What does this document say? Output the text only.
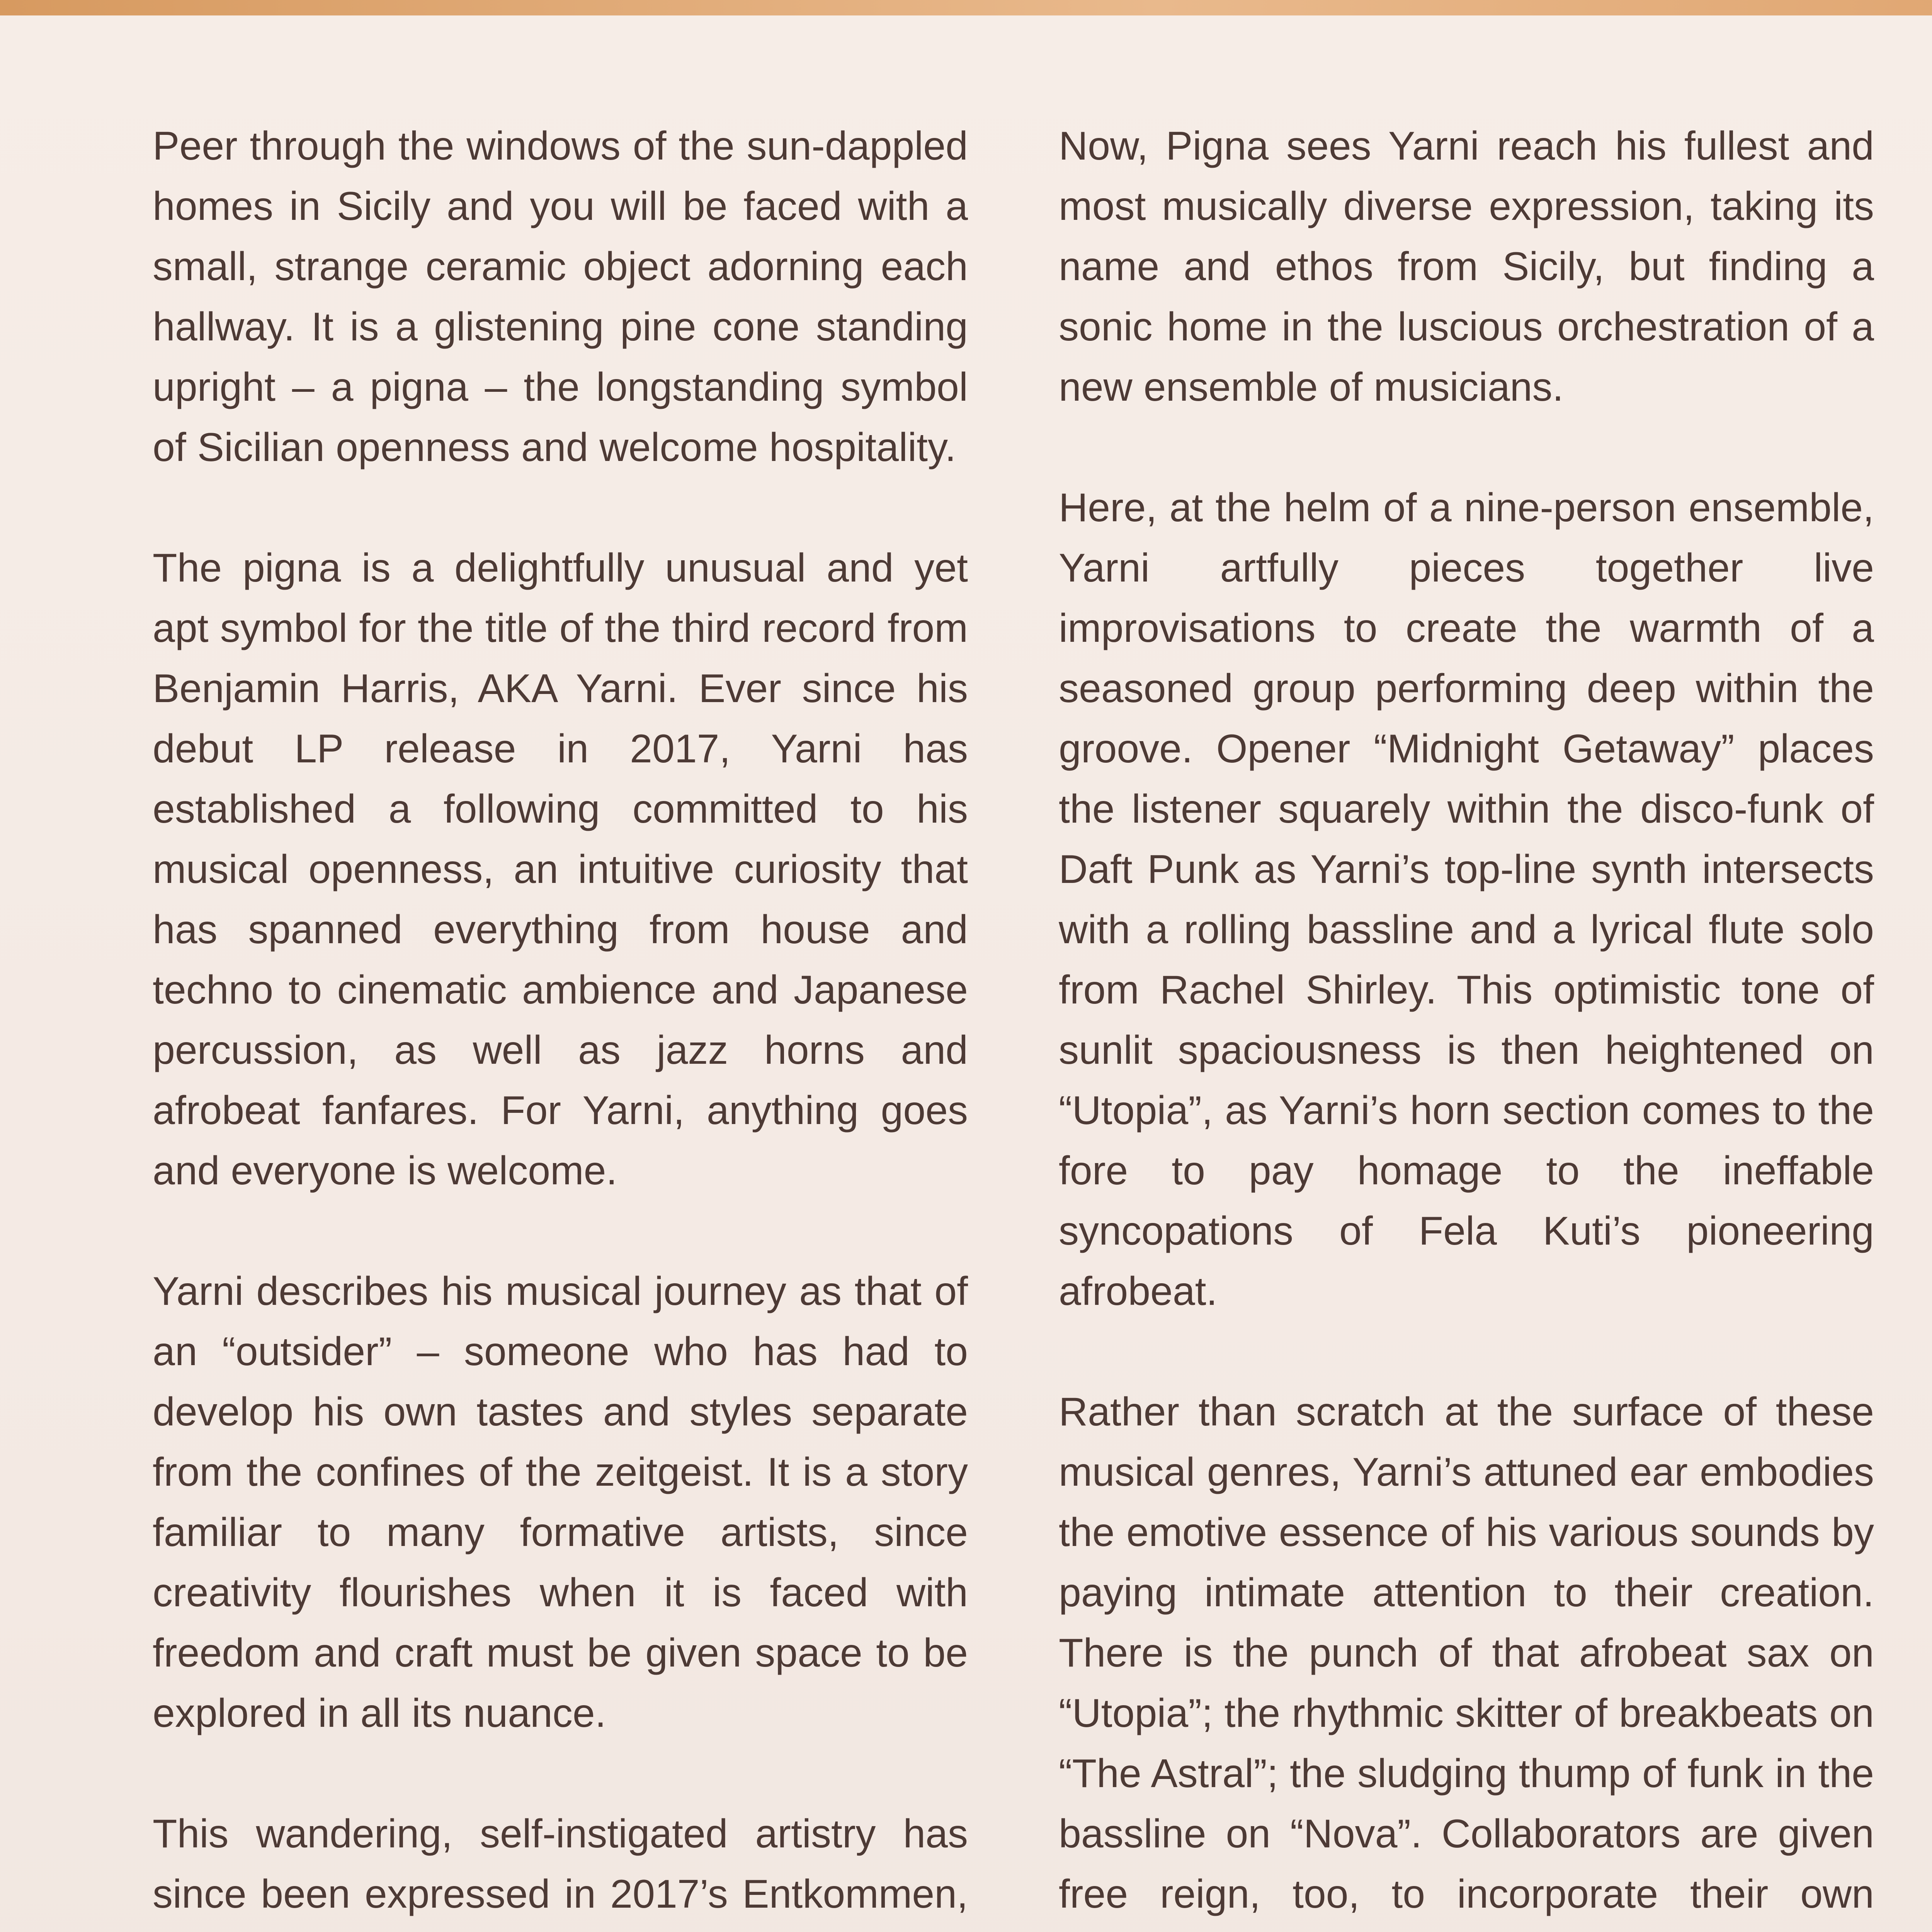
Peer through the windows of the sun-dappled homes in Sicily and you will be faced with a small, strange ceramic object adorning each hallway. It is a glistening pine cone standing upright – a pigna – the longstanding symbol of Sicilian openness and welcome hospitality.

The pigna is a delightfully unusual and yet apt symbol for the title of the third record from Benjamin Harris, AKA Yarni. Ever since his debut LP release in 2017, Yarni has established a following committed to his musical openness, an intuitive curiosity that has spanned everything from house and techno to cinematic ambience and Japanese percussion, as well as jazz horns and afrobeat fanfares. For Yarni, anything goes and everyone is welcome.

Yarni describes his musical journey as that of an “outsider” – someone who has had to develop his own tastes and styles separate from the confines of the zeitgeist. It is a story familiar to many formative artists, since creativity flourishes when it is faced with freedom and craft must be given space to be explored in all its nuance.

This wandering, self-instigated artistry has since been expressed in 2017’s Entkommen,

Now, Pigna sees Yarni reach his fullest and most musically diverse expression, taking its name and ethos from Sicily, but finding a sonic home in the luscious orchestration of a new ensemble of musicians.

Here, at the helm of a nine-person ensemble, Yarni artfully pieces together live improvisations to create the warmth of a seasoned group performing deep within the groove. Opener “Midnight Getaway” places the listener squarely within the disco-funk of Daft Punk as Yarni’s top-line synth intersects with a rolling bassline and a lyrical flute solo from Rachel Shirley. This optimistic tone of sunlit spaciousness is then heightened on “Utopia”, as Yarni’s horn section comes to the fore to pay homage to the ineffable syncopations of Fela Kuti’s pioneering afrobeat.

Rather than scratch at the surface of these musical genres, Yarni’s attuned ear embodies the emotive essence of his various sounds by paying intimate attention to their creation. There is the punch of that afrobeat sax on “Utopia”; the rhythmic skitter of breakbeats on “The Astral”; the sludging thump of funk in the bassline on “Nova”. Collaborators are given free reign, too, to incorporate their own
